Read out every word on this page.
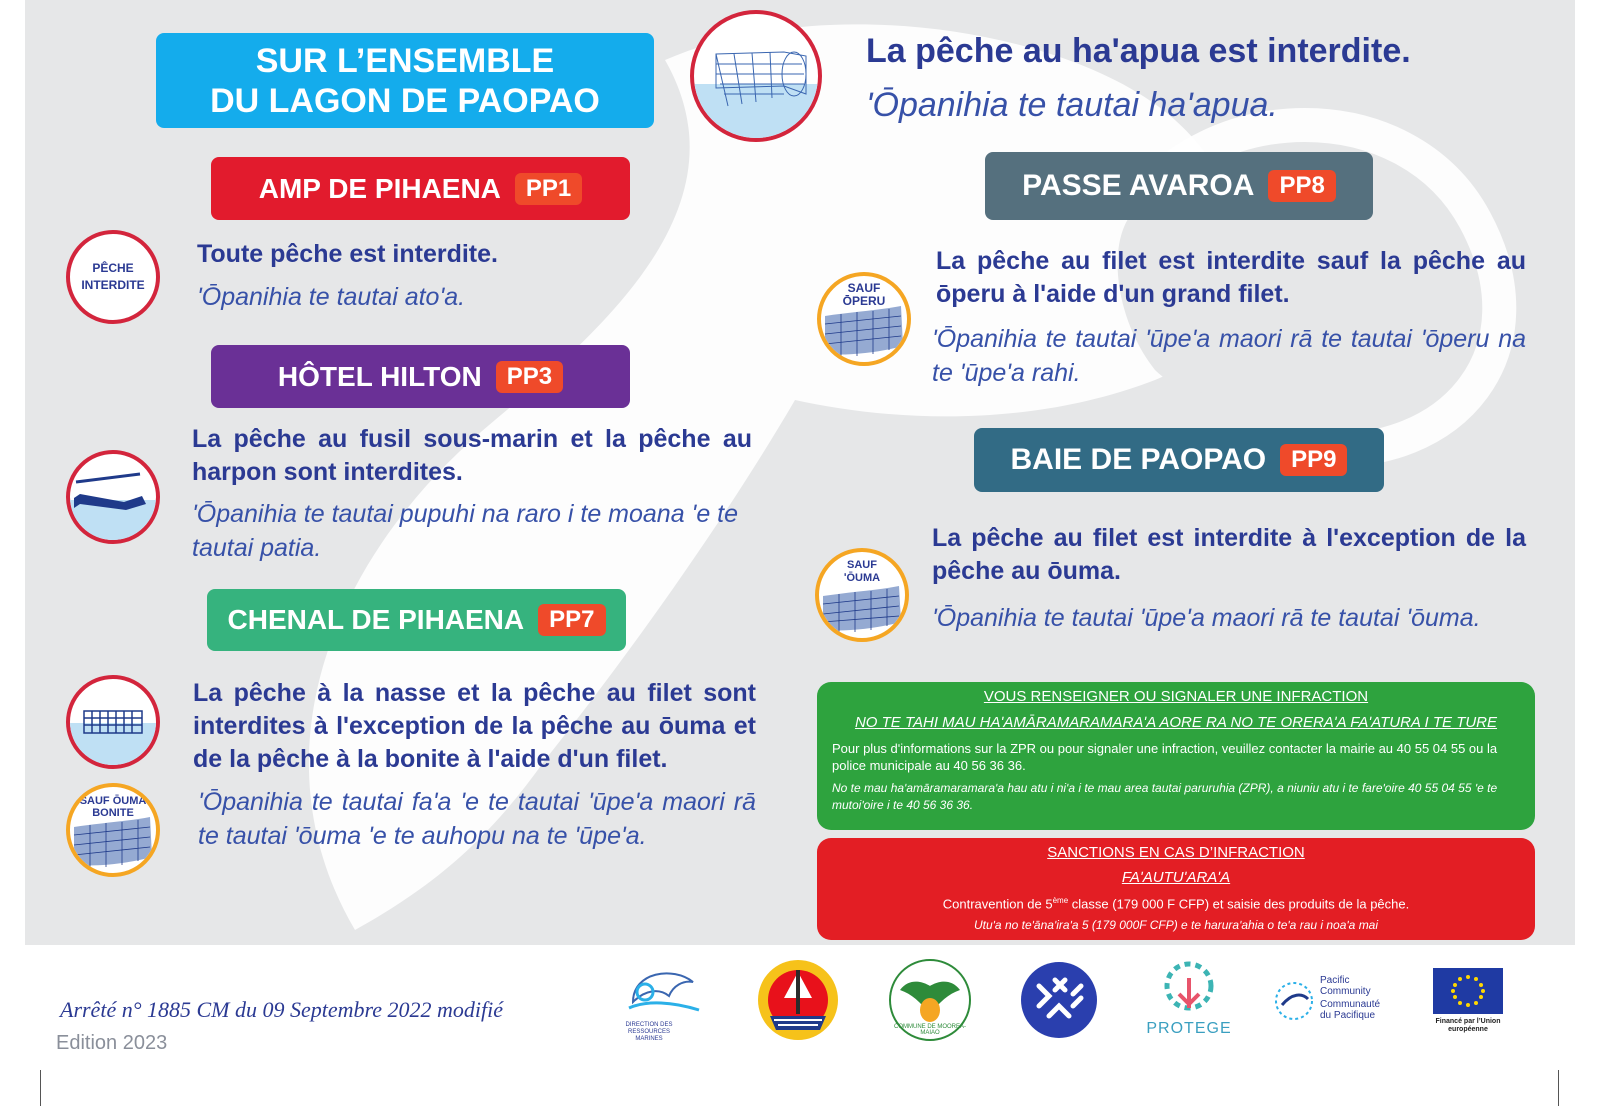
SUR L’ENSEMBLE
DU LAGON DE PAOPAO
La pêche au haʹapua est interdite.
ʹŌpanihia te tautai haʹapua.
AMP DE PIHAENA	PP1
PÊCHE INTERDITE
Toute pêche est interdite.
ʹŌpanihia te tautai atoʹa.
HÔTEL HILTON	PP3
La pêche au fusil sous-marin et la pêche au harpon sont interdites.
ʹŌpanihia te tautai pupuhi na raro i te moana ʹe te tautai patia.
CHENAL DE PIHAENA	PP7
SAUF ŌUMA BONITE
La pêche à la nasse et la pêche au filet sont interdites à lʹexception de la pêche au ōuma et de la pêche à la bonite à lʹaide dʹun filet.
ʹŌpanihia te tautai faʹa ʹe te tautai ʹūpeʹa maori rā te tautai ʹōuma ʹe te auhopu na te ʹūpeʹa.
PASSE AVAROA	PP8
SAUF ŌPERU
La pêche au filet est interdite sauf la pêche au ōperu à lʹaide dʹun grand filet.
ʹŌpanihia te tautai ʹūpeʹa maori rā te tautai ʹōperu na te ʹūpeʹa rahi.
BAIE DE PAOPAO	PP9
SAUF ʹŌUMA
La pêche au filet est interdite à lʹexception de la pêche au ōuma.
ʹŌpanihia te tautai ʹūpeʹa maori rā te tautai ʹōuma.
VOUS RENSEIGNER OU SIGNALER UNE INFRACTION
NO TE TAHI MAU HAʹAMĀRAMARAMARAʹA AORE RA NO TE ORERAʹA FAʹATURA I TE TURE
Pour plus dʹinformations sur la ZPR ou pour signaler une infraction, veuillez contacter la mairie au 40 55 04 55 ou la police municipale au 40 56 36 36.
No te mau haʹamāramaramaraʹa hau atu i niʹa i te mau area tautai paruruhia (ZPR), a niuniu atu i te fareʹoire 40 55 04 55 ʹe te mutoiʹoire i te 40 56 36 36.
SANCTIONS EN CAS D’INFRACTION
FAʹAUTUʹARAʹA
Contravention de 5ème classe (179 000 F CFP) et saisie des produits de la pêche.
Utuʹa no teʹānaʹiraʹa 5 (179 000F CFP) e te haruraʹahia o teʹa rau i noaʹa mai
Arrêté n° 1885 CM du 09 Septembre 2022 modifié
Edition 2023
DIRECTION DES RESSOURCES MARINES
COMMUNE DE MOOREA-MAIAO	PROTEGE
Pacific Community
Communauté du Pacifique
Financé par l’Union européenne
